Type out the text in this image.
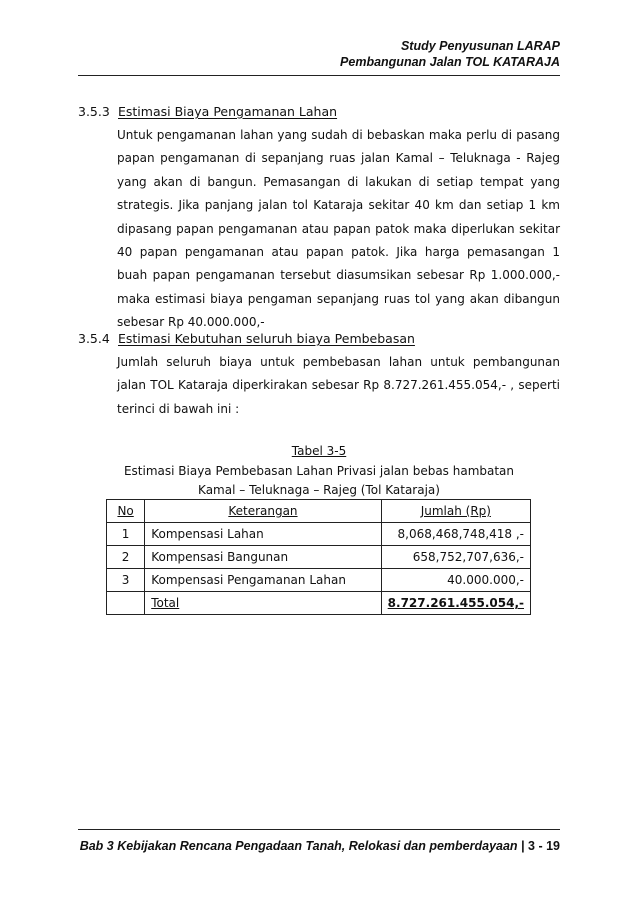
Study Penyusunan LARAP
Pembangunan Jalan TOL KATARAJA
3.5.3 Estimasi Biaya Pengamanan Lahan

Untuk pengamanan lahan yang sudah di bebaskan maka perlu di pasang papan pengamanan di sepanjang ruas jalan Kamal – Teluknaga - Rajeg yang akan di bangun. Pemasangan di lakukan di setiap tempat yang strategis. Jika panjang jalan tol Kataraja sekitar 40 km dan setiap 1 km dipasang papan pengamanan atau papan patok maka diperlukan sekitar 40 papan pengamanan atau papan patok. Jika harga pemasangan 1 buah papan pengamanan tersebut diasumsikan sebesar Rp 1.000.000,- maka estimasi biaya pengaman sepanjang ruas tol yang akan dibangun sebesar Rp 40.000.000,-

3.5.4 Estimasi Kebutuhan seluruh biaya Pembebasan

Jumlah seluruh biaya untuk pembebasan lahan untuk pembangunan jalan TOL Kataraja diperkirakan sebesar Rp 8.727.261.455.054,- , seperti terinci di bawah ini :

Tabel 3-5
Estimasi Biaya Pembebasan Lahan Privasi jalan bebas hambatan
Kamal – Teluknaga – Rajeg (Tol Kataraja)
No	Keterangan	Jumlah (Rp)
1	Kompensasi Lahan	8,068,468,748,418 ,-
2	Kompensasi Bangunan	658,752,707,636,-
3	Kompensasi Pengamanan Lahan	40.000.000,-
	Total	8.727.261.455.054,-
Bab 3 Kebijakan Rencana Pengadaan Tanah, Relokasi dan pemberdayaan | 3 - 19
